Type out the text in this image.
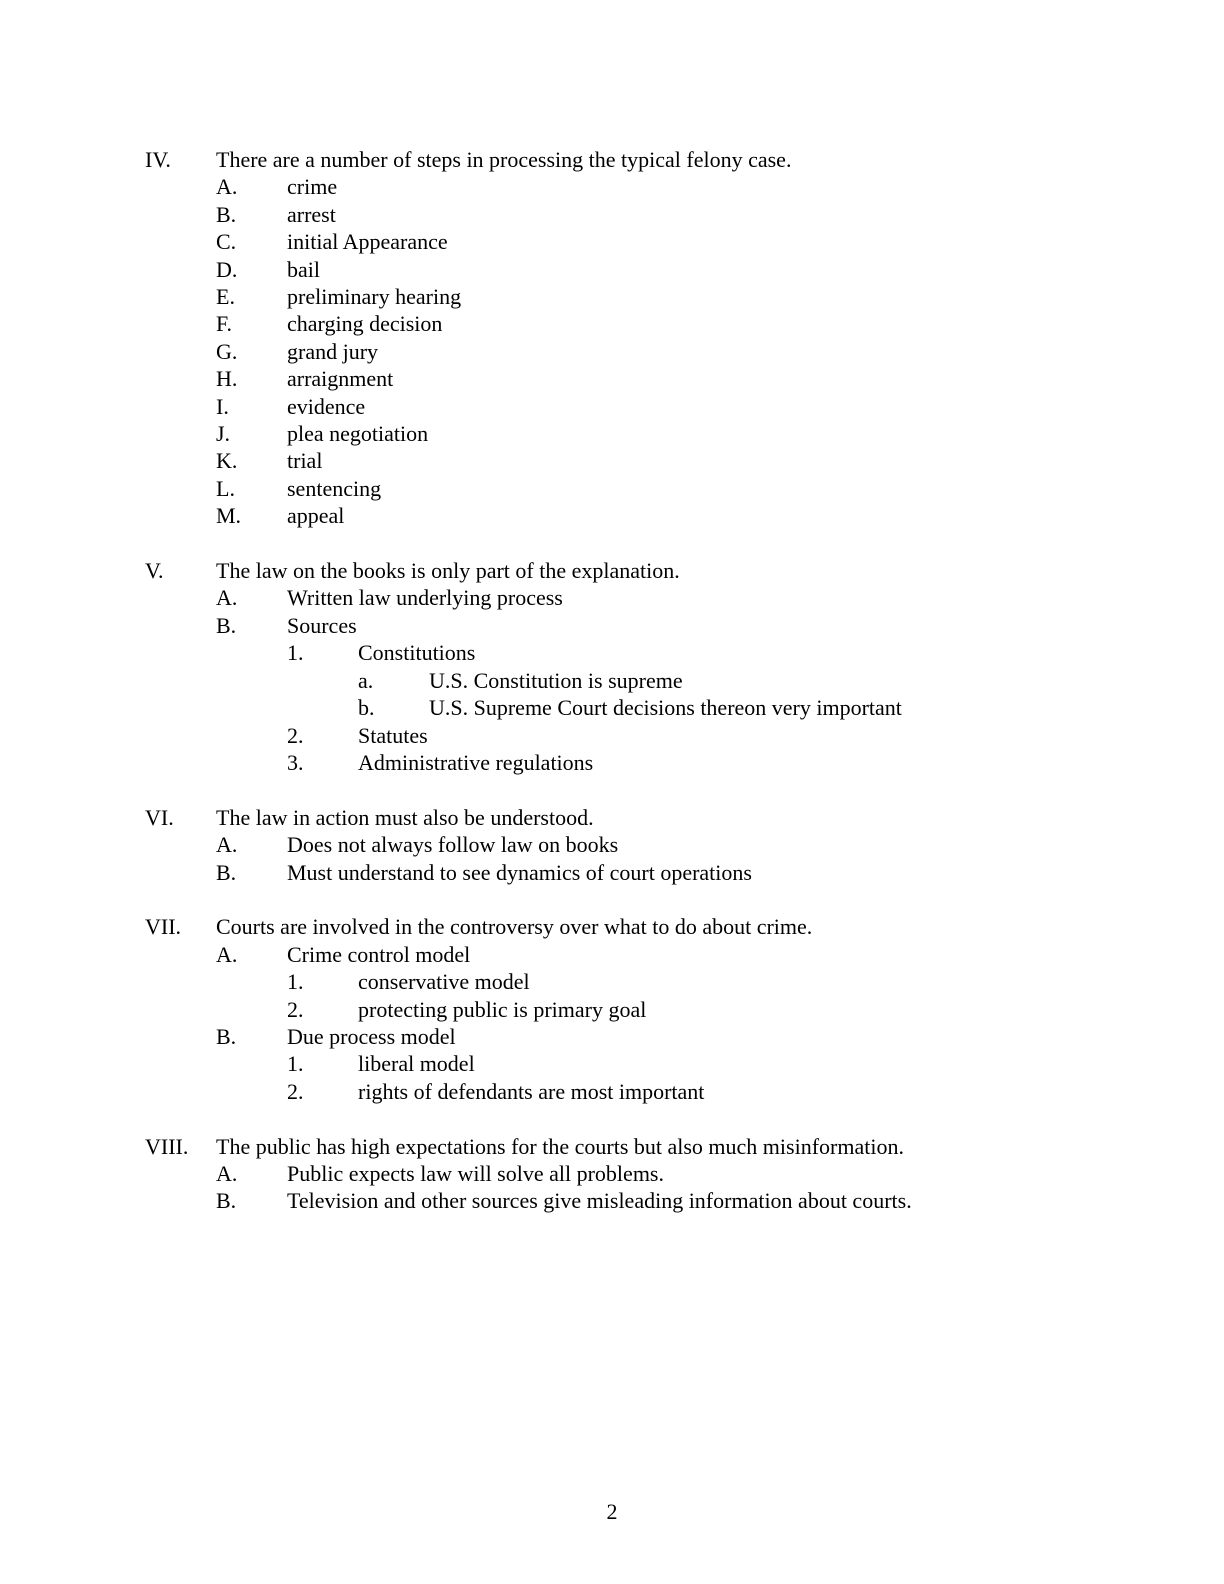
IV.	There are a number of steps in processing the typical felony case.
A.	crime
B.	arrest
C.	initial Appearance
D.	bail
E.	preliminary hearing
F.	charging decision
G.	grand jury
H.	arraignment
I.	evidence
J.	plea negotiation
K.	trial
L.	sentencing
M.	appeal
V.	The law on the books is only part of the explanation.
A.	Written law underlying process
B.	Sources
1.	Constitutions
a.	U.S. Constitution is supreme
b.	U.S. Supreme Court decisions thereon very important
2.	Statutes
3.	Administrative regulations
VI.	The law in action must also be understood.
A.	Does not always follow law on books
B.	Must understand to see dynamics of court operations
VII.	Courts are involved in the controversy over what to do about crime.
A.	Crime control model
1.	conservative model
2.	protecting public is primary goal
B.	Due process model
1.	liberal model
2.	rights of defendants are most important
VIII.	The public has high expectations for the courts but also much misinformation.
A.	Public expects law will solve all problems.
B.	Television and other sources give misleading information about courts.
2
